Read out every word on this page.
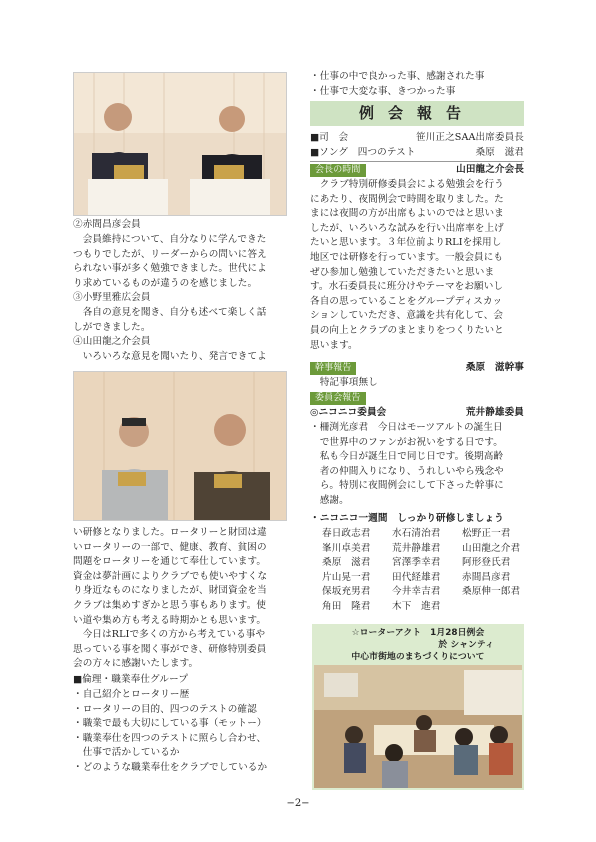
②赤間昌彦会員
　会員維持について、自分なりに学んできた
つもりでしたが、リーダーからの問いに答え
られない事が多く勉強できました。世代によ
り求めているものが違うのを感じました。
③小野里雅広会員
　各自の意見を聞き、自分も述べて楽しく話
しができました。
④山田龍之介会員
　いろいろな意見を聞いたり、発言できてよ
い研修となりました。ロータリーと財団は違
いロータリーの一部で、健康、教育、貧困の
問題をロータリーを通じて奉仕しています。
資金は夢計画によりクラブでも使いやすくな
り身近なものになりましたが、財団資金を当
クラブは集めすぎかと思う事もあります。使
い道や集め方も考える時期かとも思います。
　今日はRLIで多くの方から考えている事や
思っている事を聞く事ができ、研修特別委員
会の方々に感謝いたします。
■倫理・職業奉仕グループ
・自己紹介とロータリー歴
・ロータリーの目的、四つのテストの確認
・職業で最も大切にしている事（モットー）
・職業奉仕を四つのテストに照らし合わせ、
　仕事で活かしているか
・どのような職業奉仕をクラブでしているか
・仕事の中で良かった事、感謝された事
・仕事で大変な事、きつかった事
例会報告
■司　会	笹川正之SAA出席委員長
■ソング　四つのテスト	桑原　滋君
会長の時間	山田龍之介会長
　クラブ特別研修委員会による勉強会を行う
にあたり、夜間例会で時間を取りました。た
まには夜間の方が出席もよいのではと思いま
したが、いろいろな試みを行い出席率を上げ
たいと思います。３年位前よりRLIを採用し
地区では研修を行っています。一般会員にも
ぜひ参加し勉強していただきたいと思いま
す。水石委員長に班分けやテーマをお願いし
各自の思っていることをグループディスカッ
ションしていただき、意識を共有化して、会
員の向上とクラブのまとまりをつくりたいと
思います。
幹事報告	桑原　滋幹事
　特記事項無し
委員会報告
◎ニコニコ委員会	荒井静雄委員
・柵渕光彦君　今日はモーツアルトの誕生日
　で世界中のファンがお祝いをする日です。
　私も今日が誕生日で同じ日です。後期高齢
　者の仲間入りになり、うれしいやら残念や
　ら。特別に夜間例会にして下さった幹事に
　感謝。
・ニコニコ一週間　しっかり研修しましょう
春日政志君	水石清治君	松野正一君
峯川卓美君	荒井静雄君	山田龍之介君
桑原　滋君	宮澤季幸君	阿形登氏君
片山晃一君	田代経雄君	赤間昌彦君
保坂充男君	今井幸吉君	桑原伸一郎君
角田　隆君	木下　進君
☆ローターアクト　1月28日例会
於 シャンティ
中心市街地のまちづくりについて
−2−
